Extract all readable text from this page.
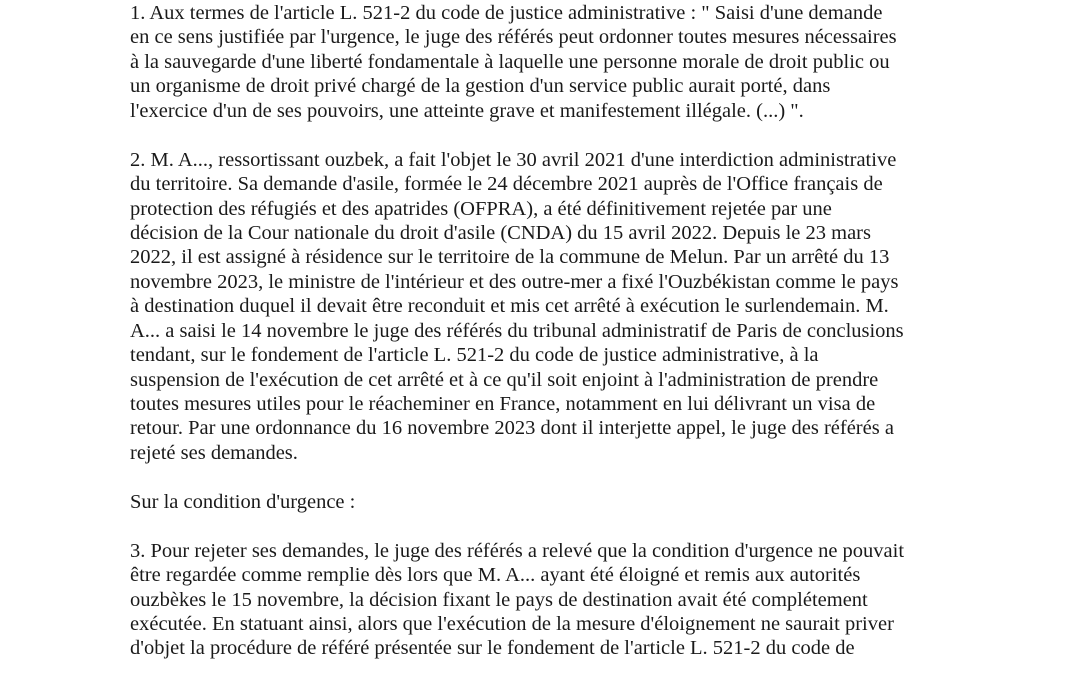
1. Aux termes de l'article L. 521-2 du code de justice administrative : " Saisi d'une demande
en ce sens justifiée par l'urgence, le juge des référés peut ordonner toutes mesures nécessaires
à la sauvegarde d'une liberté fondamentale à laquelle une personne morale de droit public ou
un organisme de droit privé chargé de la gestion d'un service public aurait porté, dans
l'exercice d'un de ses pouvoirs, une atteinte grave et manifestement illégale. (...) ".
2. M. A..., ressortissant ouzbek, a fait l'objet le 30 avril 2021 d'une interdiction administrative
du territoire. Sa demande d'asile, formée le 24 décembre 2021 auprès de l'Office français de
protection des réfugiés et des apatrides (OFPRA), a été définitivement rejetée par une
décision de la Cour nationale du droit d'asile (CNDA) du 15 avril 2022. Depuis le 23 mars
2022, il est assigné à résidence sur le territoire de la commune de Melun. Par un arrêté du 13
novembre 2023, le ministre de l'intérieur et des outre-mer a fixé l'Ouzbékistan comme le pays
à destination duquel il devait être reconduit et mis cet arrêté à exécution le surlendemain. M.
A... a saisi le 14 novembre le juge des référés du tribunal administratif de Paris de conclusions
tendant, sur le fondement de l'article L. 521-2 du code de justice administrative, à la
suspension de l'exécution de cet arrêté et à ce qu'il soit enjoint à l'administration de prendre
toutes mesures utiles pour le réacheminer en France, notamment en lui délivrant un visa de
retour. Par une ordonnance du 16 novembre 2023 dont il interjette appel, le juge des référés a
rejeté ses demandes.
Sur la condition d'urgence :
3. Pour rejeter ses demandes, le juge des référés a relevé que la condition d'urgence ne pouvait
être regardée comme remplie dès lors que M. A... ayant été éloigné et remis aux autorités
ouzbèkes le 15 novembre, la décision fixant le pays de destination avait été complétement
exécutée. En statuant ainsi, alors que l'exécution de la mesure d'éloignement ne saurait priver
d'objet la procédure de référé présentée sur le fondement de l'article L. 521-2 du code de
